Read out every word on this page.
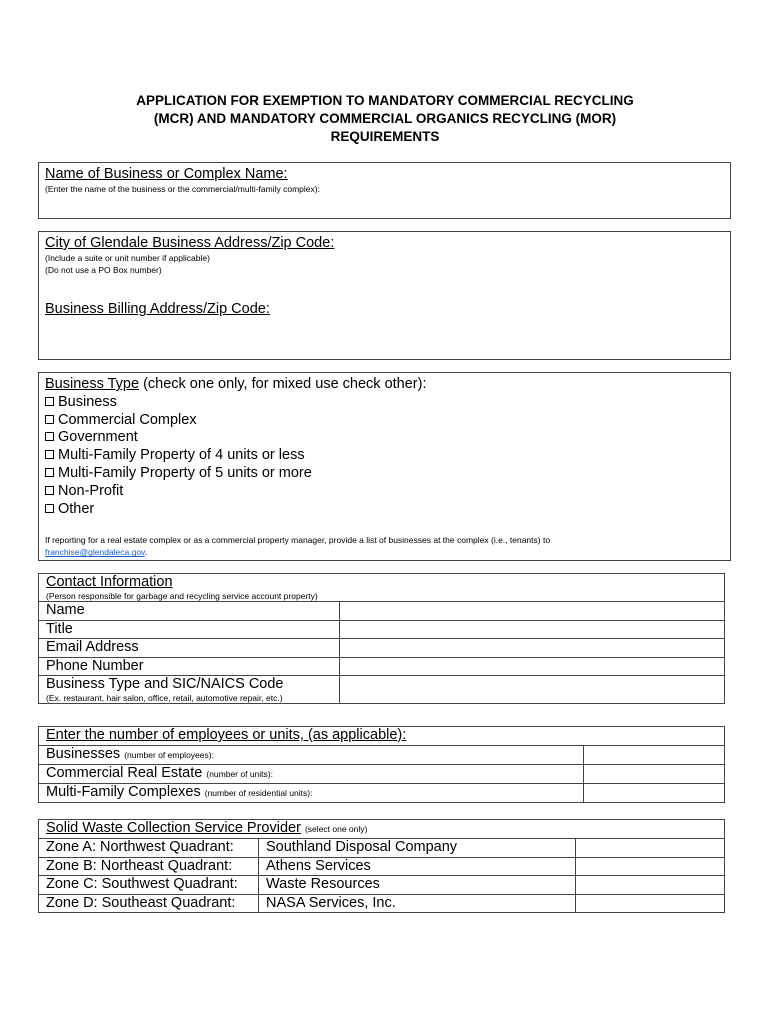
APPLICATION FOR EXEMPTION TO MANDATORY COMMERCIAL RECYCLING
(MCR) AND MANDATORY COMMERCIAL ORGANICS RECYCLING (MOR)
REQUIREMENTS
Name of Business or Complex Name:
(Enter the name of the business or the commercial/multi-family complex):
City of Glendale Business Address/Zip Code:
(Include a suite or unit number if applicable)
(Do not use a PO Box number)
Business Billing Address/Zip Code:
Business Type (check one only, for mixed use check other):
Business
Commercial Complex
Government
Multi-Family Property of 4 units or less
Multi-Family Property of 5 units or more
Non-Profit
Other
If reporting for a real estate complex or as a commercial property manager, provide a list of businesses at the complex (i.e., tenants) to
franchise@glendaleca.gov.
Contact Information
(Person responsible for garbage and recycling service account property)	

Name	
Title	
Email Address	
Phone Number	

Business Type and SIC/NAICS Code
(Ex. restaurant, hair salon, office, retail, automotive repair, etc.)	

Enter the number of employees or units, (as applicable):	
Businesses (number of employees):	
Commercial Real Estate (number of units):	
Multi-Family Complexes (number of residential units):	
Solid Waste Collection Service Provider (select one only)		
Zone A: Northwest Quadrant:	Southland Disposal Company	
Zone B: Northeast Quadrant:	Athens Services	
Zone C: Southwest Quadrant:	Waste Resources	
Zone D: Southeast Quadrant:	NASA Services, Inc.	
